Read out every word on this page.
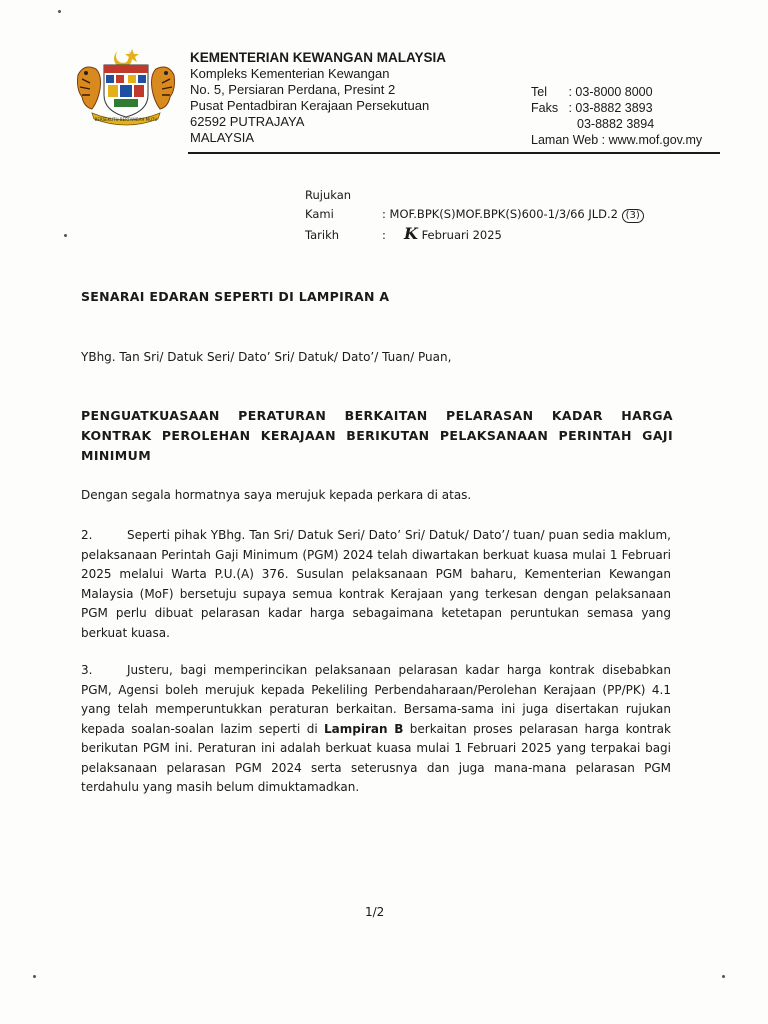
BERSEKUTU BERTAMBAH MUTU
KEMENTERIAN KEWANGAN MALAYSIA
Kompleks Kementerian Kewangan
No. 5, Persiaran Perdana, Presint 2
Pusat Pentadbiran Kerajaan Persekutuan
62592 PUTRAJAYA
MALAYSIA
Tel : 03-8000 8000
Faks : 03-8882 3893
03-8882 3894
Laman Web : www.mof.gov.my
Rujukan Kami	: MOF.BPK(S)MOF.BPK(S)600-1/3/66 JLD.2 (3)
Tarikh	: K Februari 2025
SENARAI EDARAN SEPERTI DI LAMPIRAN A
YBhg. Tan Sri/ Datuk Seri/ Dato’ Sri/ Datuk/ Dato’/ Tuan/ Puan,
PENGUATKUASAAN PERATURAN BERKAITAN PELARASAN KADAR HARGA KONTRAK PEROLEHAN KERAJAAN BERIKUTAN PELAKSANAAN PERINTAH GAJI MINIMUM
Dengan segala hormatnya saya merujuk kepada perkara di atas.
2.	Seperti pihak YBhg. Tan Sri/ Datuk Seri/ Dato’ Sri/ Datuk/ Dato’/ tuan/ puan sedia maklum, pelaksanaan Perintah Gaji Minimum (PGM) 2024 telah diwartakan berkuat kuasa mulai 1 Februari 2025 melalui Warta P.U.(A) 376. Susulan pelaksanaan PGM baharu, Kementerian Kewangan Malaysia (MoF) bersetuju supaya semua kontrak Kerajaan yang terkesan dengan pelaksanaan PGM perlu dibuat pelarasan kadar harga sebagaimana ketetapan peruntukan semasa yang berkuat kuasa.
3.	Justeru, bagi memperincikan pelaksanaan pelarasan kadar harga kontrak disebabkan PGM, Agensi boleh merujuk kepada Pekeliling Perbendaharaan/Perolehan Kerajaan (PP/PK) 4.1 yang telah memperuntukkan peraturan berkaitan. Bersama-sama ini juga disertakan rujukan kepada soalan-soalan lazim seperti di Lampiran B berkaitan proses pelarasan harga kontrak berikutan PGM ini. Peraturan ini adalah berkuat kuasa mulai 1 Februari 2025 yang terpakai bagi pelaksanaan pelarasan PGM 2024 serta seterusnya dan juga mana-mana pelarasan PGM terdahulu yang masih belum dimuktamadkan.
1/2
